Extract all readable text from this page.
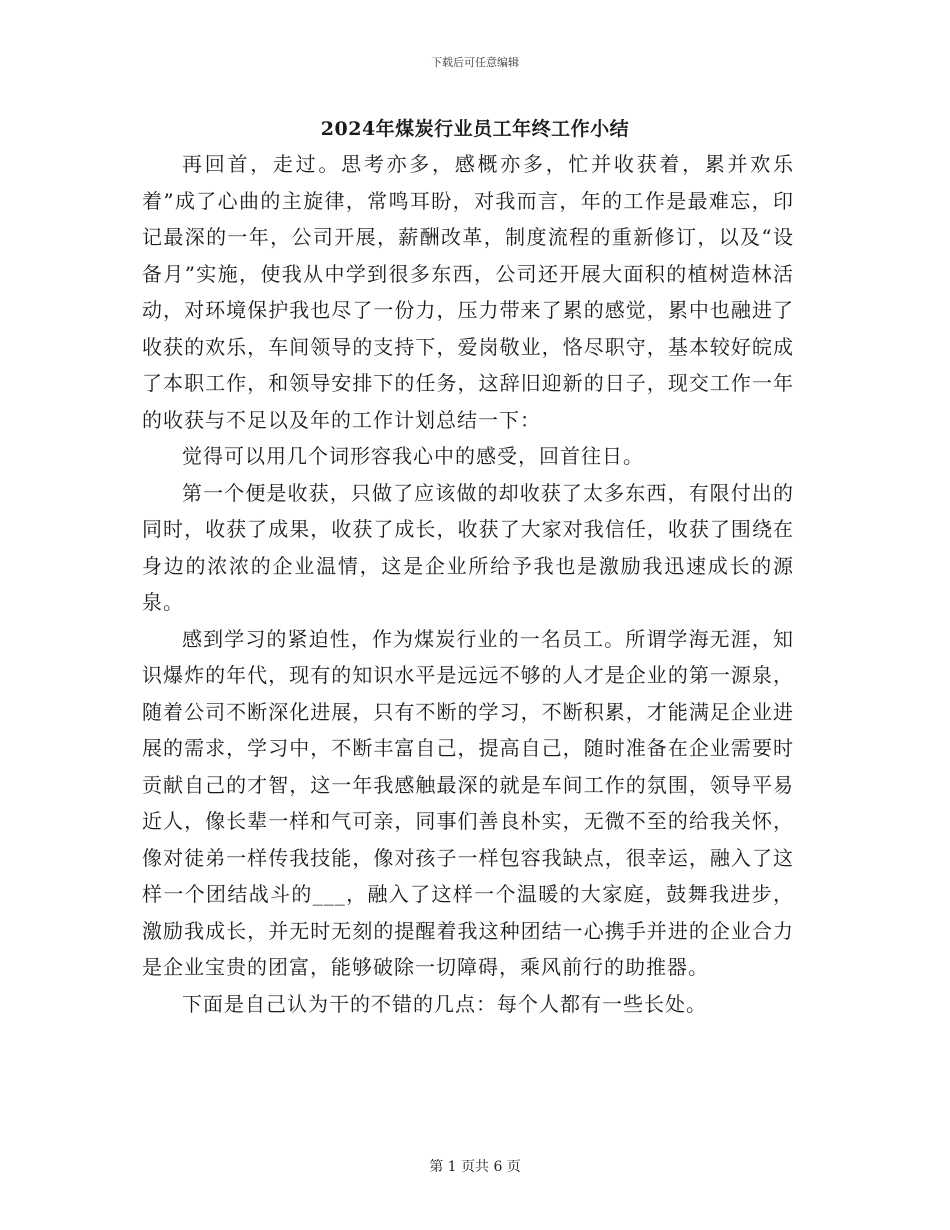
下载后可任意编辑
2024年煤炭行业员工年终工作小结

再回首，走过。思考亦多，感概亦多，忙并收获着，累并欢乐着”成了心曲的主旋律，常鸣耳盼，对我而言，年的工作是最难忘，印记最深的一年，公司开展，薪酬改革，制度流程的重新修订，以及“设备月”实施，使我从中学到很多东西，公司还开展大面积的植树造林活动，对环境保护我也尽了一份力，压力带来了累的感觉，累中也融进了收获的欢乐，车间领导的支持下，爱岗敬业，恪尽职守，基本较好皖成了本职工作，和领导安排下的任务，这辞旧迎新的日子，现交工作一年的收获与不足以及年的工作计划总结一下：

觉得可以用几个词形容我心中的感受，回首往日。

第一个便是收获，只做了应该做的却收获了太多东西，有限付出的同时，收获了成果，收获了成长，收获了大家对我信任，收获了围绕在身边的浓浓的企业温情，这是企业所给予我也是激励我迅速成长的源泉。

感到学习的紧迫性，作为煤炭行业的一名员工。所谓学海无涯，知识爆炸的年代，现有的知识水平是远远不够的人才是企业的第一源泉，随着公司不断深化进展，只有不断的学习，不断积累，才能满足企业进展的需求，学习中，不断丰富自己，提高自己，随时准备在企业需要时贡献自己的才智，这一年我感触最深的就是车间工作的氛围，领导平易近人，像长辈一样和气可亲，同事们善良朴实，无微不至的给我关怀，像对徒弟一样传我技能，像对孩子一样包容我缺点，很幸运，融入了这样一个团结战斗的___，融入了这样一个温暖的大家庭，鼓舞我进步，激励我成长，并无时无刻的提醒着我这种团结一心携手并进的企业合力是企业宝贵的团富，能够破除一切障碍，乘风前行的助推器。

下面是自己认为干的不错的几点：每个人都有一些长处。

第 1 页共 6 页
